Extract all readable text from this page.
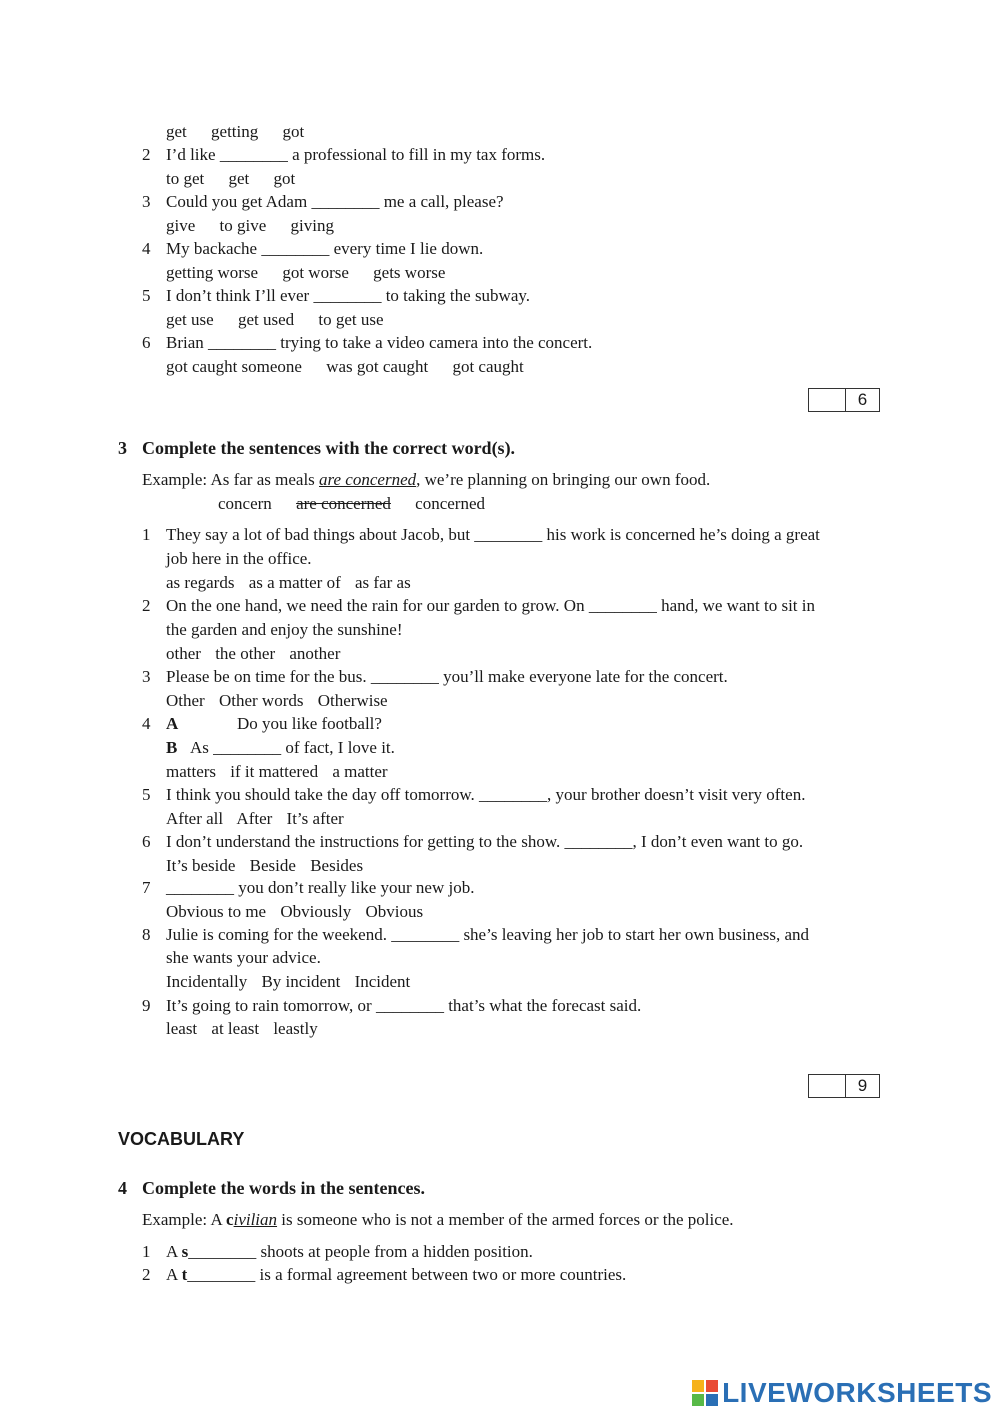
get getting got
2 I’d like ________ a professional to fill in my tax forms.
to get get got
3 Could you get Adam ________ me a call, please?
give to give giving
4 My backache ________ every time I lie down.
getting worse got worse gets worse
5 I don’t think I’ll ever ________ to taking the subway.
get use get used to get use
6 Brian ________ trying to take a video camera into the concert.
got caught someone was got caught got caught
6
3 Complete the sentences with the correct word(s).
Example: As far as meals are concerned, we’re planning on bringing our own food.
concern are concerned concerned
1 They say a lot of bad things about Jacob, but ________ his work is concerned he’s doing a great
job here in the office.
as regards as a matter of as far as
2 On the one hand, we need the rain for our garden to grow. On ________ hand, we want to sit in
the garden and enjoy the sunshine!
other the other another
3 Please be on time for the bus. ________ you’ll make everyone late for the concert.
Other Other words Otherwise
4 A	Do you like football?
B As ________ of fact, I love it.
matters if it mattered a matter
5 I think you should take the day off tomorrow. ________, your brother doesn’t visit very often.
After all After It’s after
6 I don’t understand the instructions for getting to the show. ________, I don’t even want to go.
It’s beside Beside Besides
7 ________ you don’t really like your new job.
Obvious to me Obviously Obvious
8 Julie is coming for the weekend. ________ she’s leaving her job to start her own business, and
she wants your advice.
Incidentally By incident Incident
9 It’s going to rain tomorrow, or ________ that’s what the forecast said.
least at least leastly
9
VOCABULARY
4 Complete the words in the sentences.
Example: A civilian is someone who is not a member of the armed forces or the police.
1 A s________ shoots at people from a hidden position.
2 A t________ is a formal agreement between two or more countries.
LIVEWORKSHEETS
